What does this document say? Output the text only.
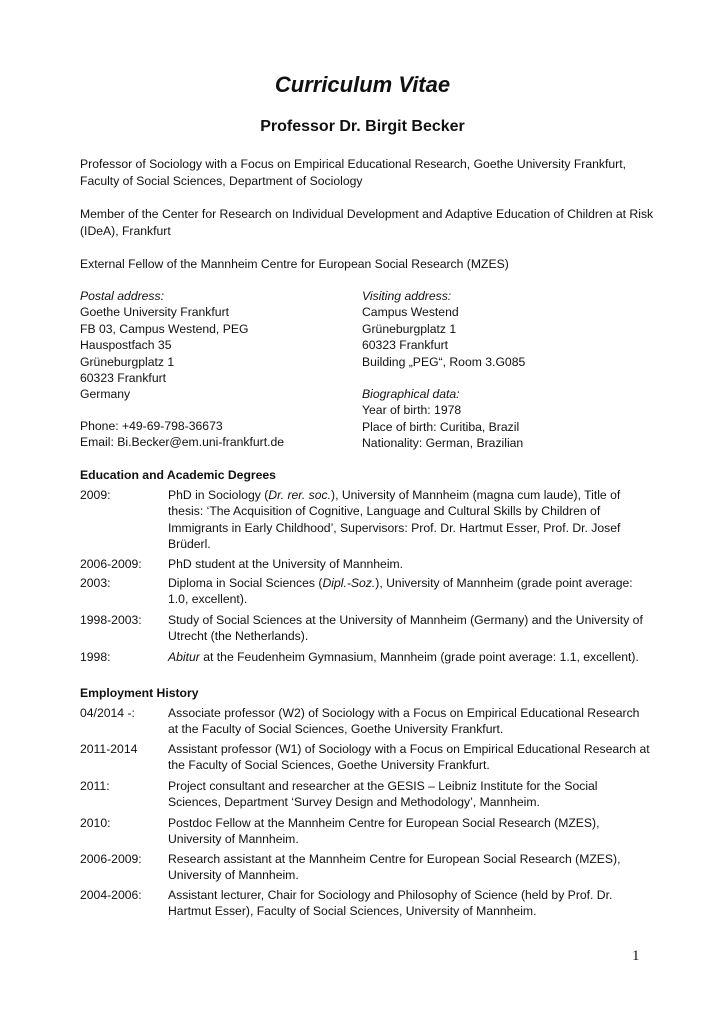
Curriculum Vitae
Professor Dr. Birgit Becker
Professor of Sociology with a Focus on Empirical Educational Research, Goethe University Frankfurt, Faculty of Social Sciences, Department of Sociology
Member of the Center for Research on Individual Development and Adaptive Education of Children at Risk (IDeA), Frankfurt
External Fellow of the Mannheim Centre for European Social Research (MZES)
Postal address:
Goethe University Frankfurt
FB 03, Campus Westend, PEG
Hauspostfach 35
Grüneburgplatz 1
60323 Frankfurt
Germany
Phone: +49-69-798-36673
Email: Bi.Becker@em.uni-frankfurt.de
Visiting address:
Campus Westend
Grüneburgplatz 1
60323 Frankfurt
Building „PEG“, Room 3.G085
Biographical data:
Year of birth: 1978
Place of birth: Curitiba, Brazil
Nationality: German, Brazilian
Education and Academic Degrees
2009:	PhD in Sociology (Dr. rer. soc.), University of Mannheim (magna cum laude), Title of thesis: ‘The Acquisition of Cognitive, Language and Cultural Skills by Children of Immigrants in Early Childhood’, Supervisors: Prof. Dr. Hartmut Esser, Prof. Dr. Josef Brüderl.
2006-2009:	PhD student at the University of Mannheim.
2003:	Diploma in Social Sciences (Dipl.-Soz.), University of Mannheim (grade point average: 1.0, excellent).
1998-2003:	Study of Social Sciences at the University of Mannheim (Germany) and the University of Utrecht (the Netherlands).
1998:	Abitur at the Feudenheim Gymnasium, Mannheim (grade point average: 1.1, excellent).
Employment History
04/2014 -:	Associate professor (W2) of Sociology with a Focus on Empirical Educational Research at the Faculty of Social Sciences, Goethe University Frankfurt.
2011-2014	Assistant professor (W1) of Sociology with a Focus on Empirical Educational Research at the Faculty of Social Sciences, Goethe University Frankfurt.
2011:	Project consultant and researcher at the GESIS – Leibniz Institute for the Social Sciences, Department ‘Survey Design and Methodology’, Mannheim.
2010:	Postdoc Fellow at the Mannheim Centre for European Social Research (MZES), University of Mannheim.
2006-2009:	Research assistant at the Mannheim Centre for European Social Research (MZES), University of Mannheim.
2004-2006:	Assistant lecturer, Chair for Sociology and Philosophy of Science (held by Prof. Dr. Hartmut Esser), Faculty of Social Sciences, University of Mannheim.
1
